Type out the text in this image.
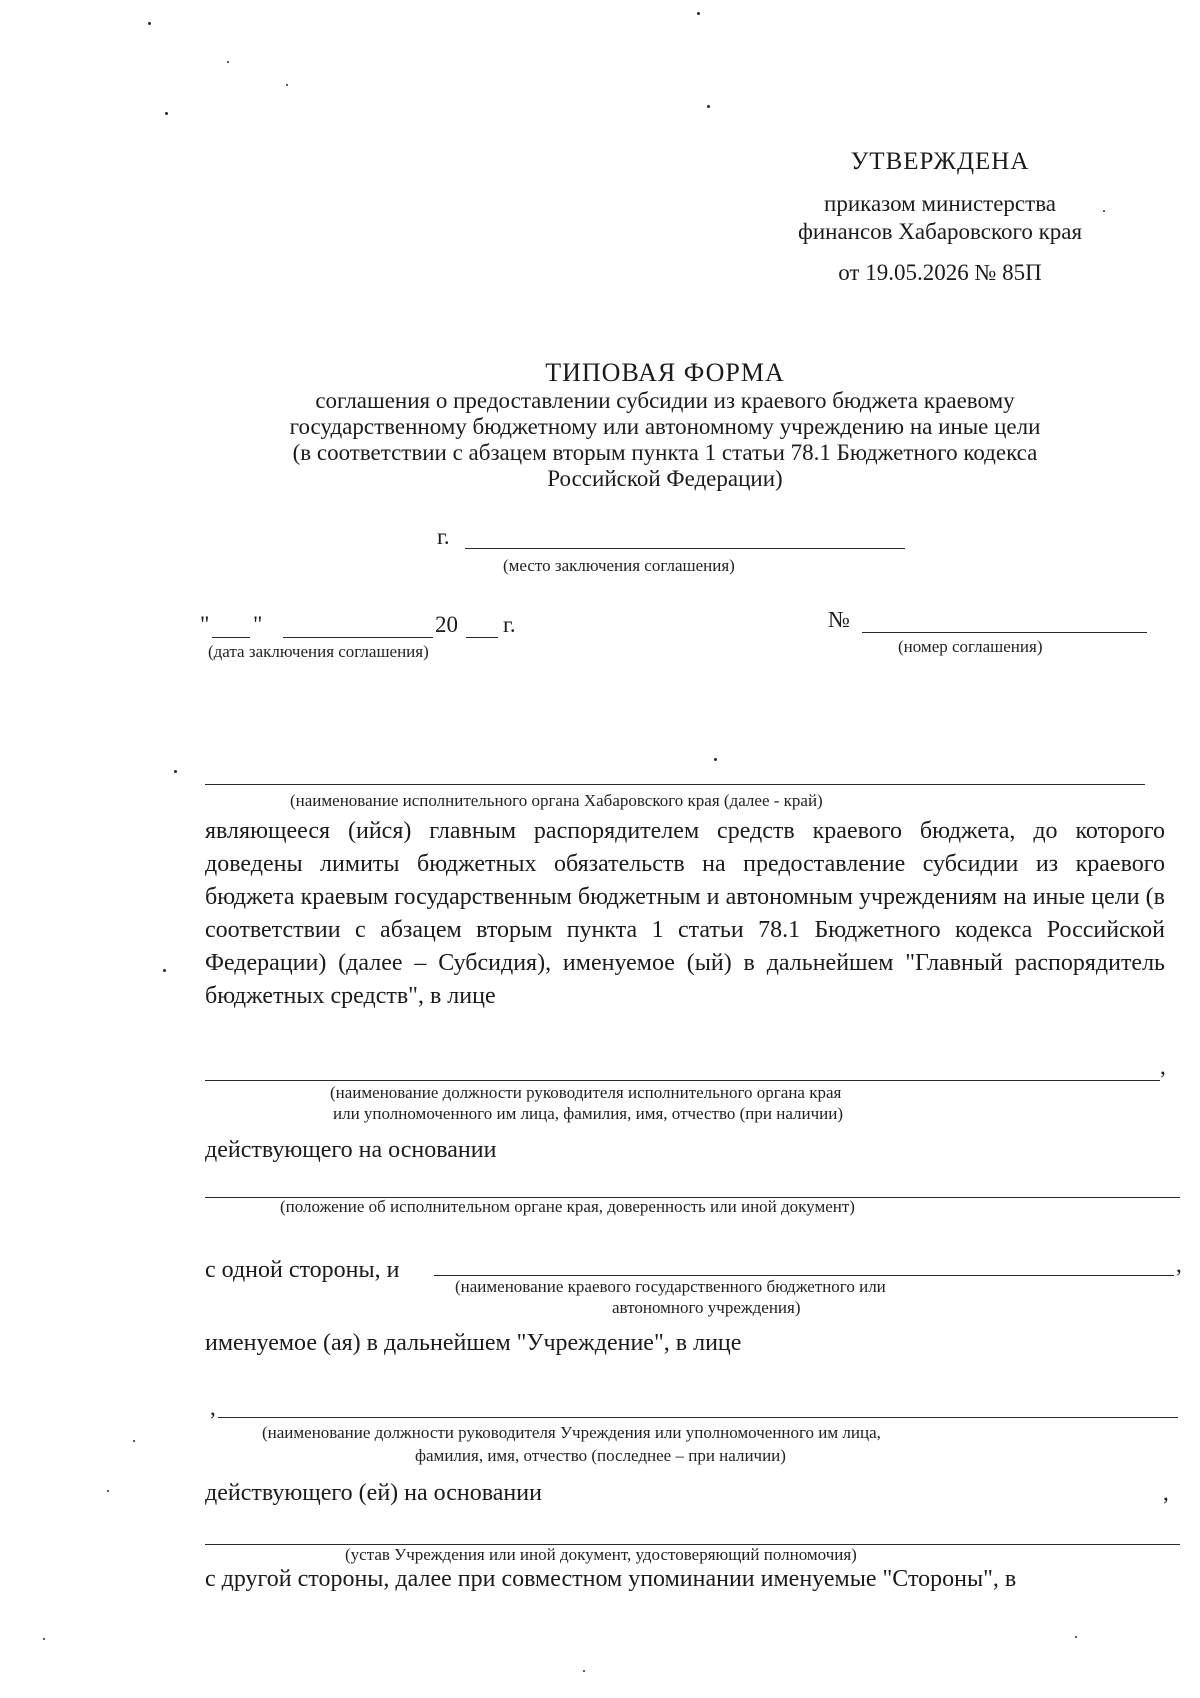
УТВЕРЖДЕНА
приказом министерства
финансов Хабаровского края
от 19.05.2026 № 85П
ТИПОВАЯ ФОРМА
соглашения о предоставлении субсидии из краевого бюджета краевому
государственному бюджетному или автономному учреждению на иные цели
(в соответствии с абзацем вторым пункта 1 статьи 78.1 Бюджетного кодекса
Российской Федерации)
г.
(место заключения соглашения)
" "	20 г.
(дата заключения соглашения)
№
(номер соглашения)
(наименование исполнительного органа Хабаровского края (далее - край)
являющееся (ийся) главным распорядителем средств краевого бюджета, до которого доведены лимиты бюджетных обязательств на предоставление субсидии из краевого бюджета краевым государственным бюджетным и автономным учреждениям на иные цели (в соответствии с абзацем вторым пункта 1 статьи 78.1 Бюджетного кодекса Российской Федерации) (далее – Субсидия), именуемое (ый) в дальнейшем "Главный распорядитель бюджетных средств", в лице
,
(наименование должности руководителя исполнительного органа края
или уполномоченного им лица, фамилия, имя, отчество (при наличии)
действующего на основании
(положение об исполнительном органе края, доверенность или иной документ)
с одной стороны, и	,
(наименование краевого государственного бюджетного или
автономного учреждения)
именуемое (ая) в дальнейшем "Учреждение", в лице
,
(наименование должности руководителя Учреждения или уполномоченного им лица,
фамилия, имя, отчество (последнее – при наличии)
действующего (ей) на основании	,
(устав Учреждения или иной документ, удостоверяющий полномочия)
с другой стороны, далее при совместном упоминании именуемые "Стороны", в
